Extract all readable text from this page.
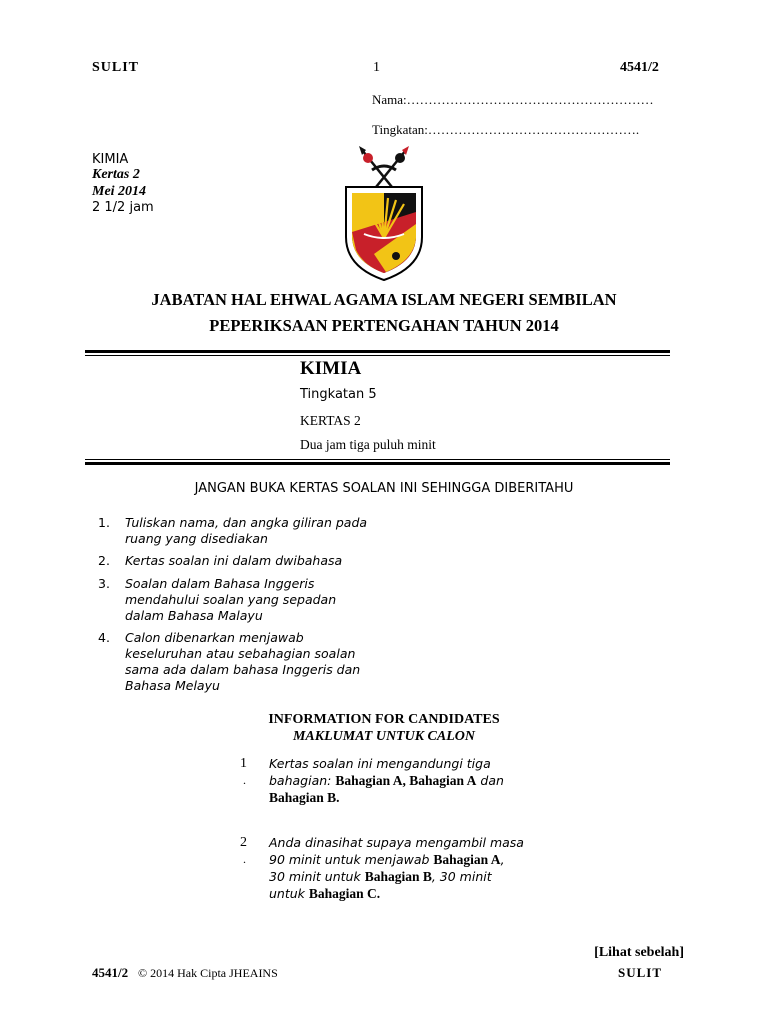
SULIT	1	4541/2
Nama:…………………………………………………
Tingkatan:………………………………………….
KIMIA
Kertas 2
Mei 2014
2 1/2 jam
JABATAN HAL EHWAL AGAMA ISLAM NEGERI SEMBILAN
PEPERIKSAAN PERTENGAHAN TAHUN 2014
KIMIA
Tingkatan 5
KERTAS 2
Dua jam tiga puluh minit
JANGAN BUKA KERTAS SOALAN INI SEHINGGA DIBERITAHU
1. Tuliskan nama, dan angka giliran pada
ruang yang disediakan
2. Kertas soalan ini dalam dwibahasa
3. Soalan dalam Bahasa Inggeris
mendahului soalan yang sepadan
dalam Bahasa Malayu
4. Calon dibenarkan menjawab
keseluruhan atau sebahagian soalan
sama ada dalam bahasa Inggeris dan
Bahasa Melayu
INFORMATION FOR CANDIDATES
MAKLUMAT UNTUK CALON
1
.
Kertas soalan ini mengandungi tiga
bahagian: Bahagian A, Bahagian A dan
Bahagian B.
2
.
Anda dinasihat supaya mengambil masa
90 minit untuk menjawab Bahagian A,
30 minit untuk Bahagian B, 30 minit
untuk Bahagian C.
[Lihat sebelah]
4541/2 © 2014 Hak Cipta JHEAINS	SULIT
